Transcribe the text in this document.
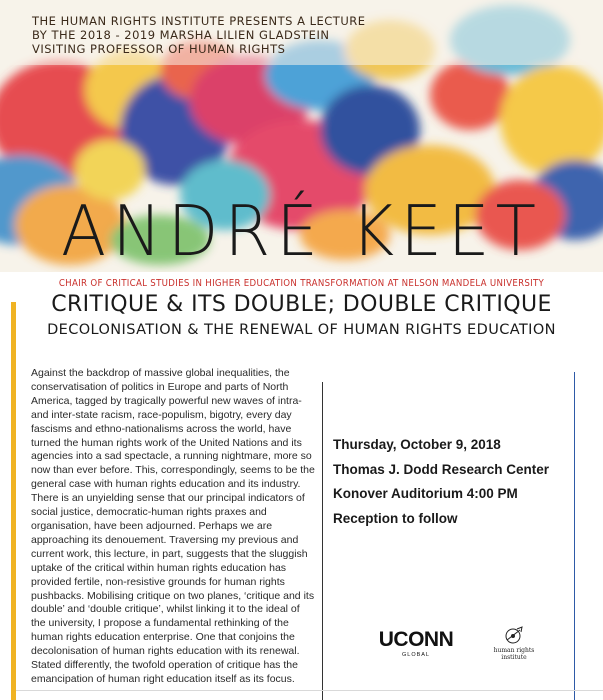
THE HUMAN RIGHTS INSTITUTE PRESENTS A LECTURE
BY THE 2018 - 2019 MARSHA LILIEN GLADSTEIN
VISITING PROFESSOR OF HUMAN RIGHTS
ANDRÉ KEET
CHAIR OF CRITICAL STUDIES IN HIGHER EDUCATION TRANSFORMATION AT NELSON MANDELA UNIVERSITY
CRITIQUE & ITS DOUBLE; DOUBLE CRITIQUE
DECOLONISATION & THE RENEWAL OF HUMAN RIGHTS EDUCATION

Against the backdrop of massive global inequalities, the conservatisation of politics in Europe and parts of North America, tagged by tragically powerful new waves of intra- and inter-state racism, race-populism, bigotry, every day fascisms and ethno-nationalisms across the world, have turned the human rights work of the United Nations and its agencies into a sad spectacle, a running nightmare, more so now than ever before. This, correspondingly, seems to be the general case with human rights education and its industry. There is an unyielding sense that our principal indicators of social justice, democratic-human rights praxes and organisation, have been adjourned. Perhaps we are approaching its denouement. Traversing my previous and current work, this lecture, in part, suggests that the sluggish uptake of the critical within human rights education has provided fertile, non-resistive grounds for human rights pushbacks. Mobilising critique on two planes, ‘critique and its double’ and ‘double critique’, whilst linking it to the ideal of the university, I propose a fundamental rethinking of the human rights education enterprise. One that conjoins the decolonisation of human rights education with its renewal. Stated differently, the twofold operation of critique has the emancipation of human right education itself as its focus.

Thursday, October 9, 2018
Thomas J. Dodd Research Center
Konover Auditorium 4:00 PM
Reception to follow
UCONN
GLOBAL
human rights
institute
